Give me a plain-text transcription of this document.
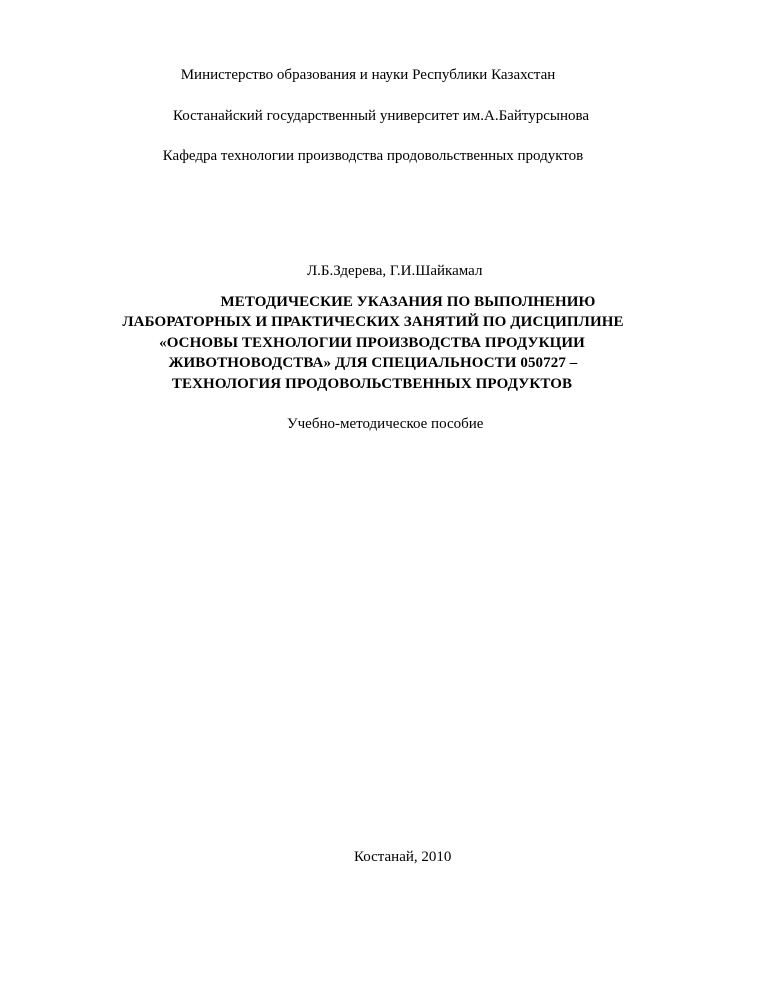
Министерство образования и науки Республики Казахстан
Костанайский государственный университет им.А.Байтурсынова
Кафедра технологии производства продовольственных продуктов
Л.Б.Здерева, Г.И.Шайкамал
МЕТОДИЧЕСКИЕ УКАЗАНИЯ ПО ВЫПОЛНЕНИЮ
ЛАБОРАТОРНЫХ И ПРАКТИЧЕСКИХ ЗАНЯТИЙ ПО ДИСЦИПЛИНЕ
«ОСНОВЫ ТЕХНОЛОГИИ ПРОИЗВОДСТВА ПРОДУКЦИИ
ЖИВОТНОВОДСТВА» ДЛЯ СПЕЦИАЛЬНОСТИ 050727 –
ТЕХНОЛОГИЯ ПРОДОВОЛЬСТВЕННЫХ ПРОДУКТОВ
Учебно-методическое пособие
Костанай, 2010
